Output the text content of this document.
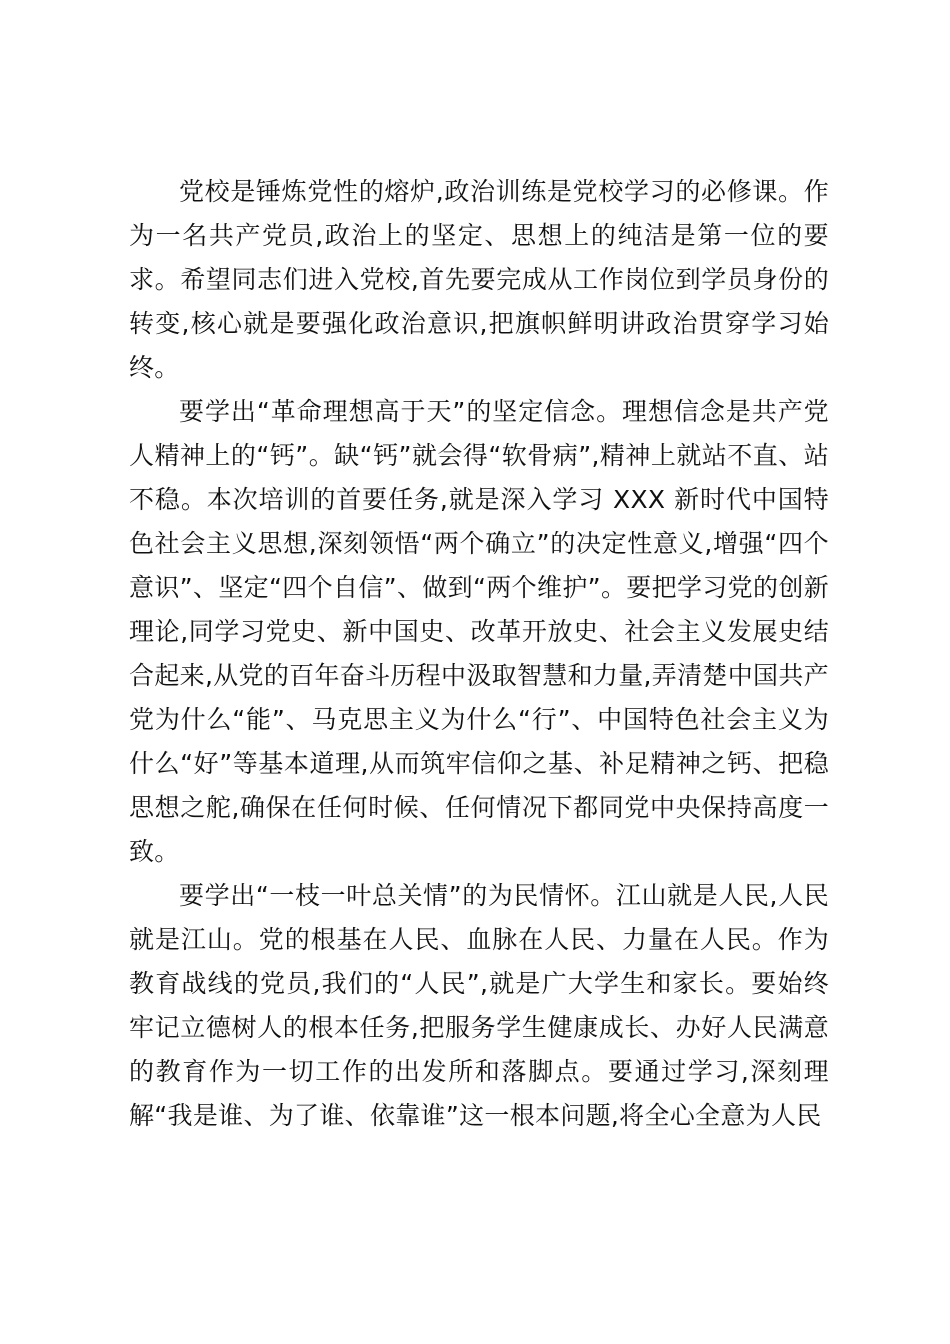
党校是锤炼党性的熔炉,政治训练是党校学习的必修课。作为一名共产党员,政治上的坚定、思想上的纯洁是第一位的要求。希望同志们进入党校,首先要完成从工作岗位到学员身份的转变,核心就是要强化政治意识,把旗帜鲜明讲政治贯穿学习始终。

要学出“革命理想高于天”的坚定信念。理想信念是共产党人精神上的“钙”。缺“钙”就会得“软骨病”,精神上就站不直、站不稳。本次培训的首要任务,就是深入学习 XXX 新时代中国特色社会主义思想,深刻领悟“两个确立”的决定性意义,增强“四个意识”、坚定“四个自信”、做到“两个维护”。要把学习党的创新理论,同学习党史、新中国史、改革开放史、社会主义发展史结合起来,从党的百年奋斗历程中汲取智慧和力量,弄清楚中国共产党为什么“能”、马克思主义为什么“行”、中国特色社会主义为什么“好”等基本道理,从而筑牢信仰之基、补足精神之钙、把稳思想之舵,确保在任何时候、任何情况下都同党中央保持高度一致。

要学出“一枝一叶总关情”的为民情怀。江山就是人民,人民就是江山。党的根基在人民、血脉在人民、力量在人民。作为教育战线的党员,我们的“人民”,就是广大学生和家长。要始终牢记立德树人的根本任务,把服务学生健康成长、办好人民满意的教育作为一切工作的出发所和落脚点。要通过学习,深刻理解“我是谁、为了谁、依靠谁”这一根本问题,将全心全意为人民
